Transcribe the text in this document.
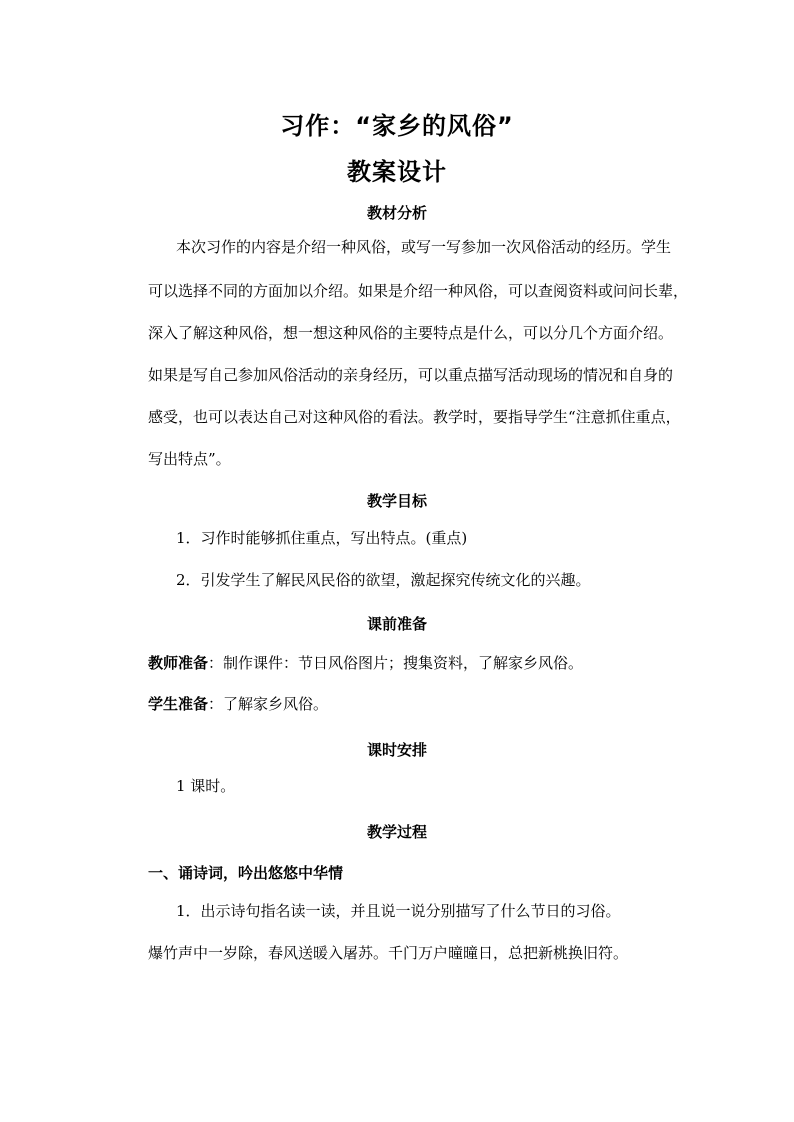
习作：“家乡的风俗”
教案设计
教材分析
本次习作的内容是介绍一种风俗，或写一写参加一次风俗活动的经历。学生
可以选择不同的方面加以介绍。如果是介绍一种风俗，可以查阅资料或问问长辈，
深入了解这种风俗，想一想这种风俗的主要特点是什么，可以分几个方面介绍。
如果是写自己参加风俗活动的亲身经历，可以重点描写活动现场的情况和自身的
感受，也可以表达自己对这种风俗的看法。教学时，要指导学生“注意抓住重点，
写出特点”。
教学目标
1．习作时能够抓住重点，写出特点。(重点)
2．引发学生了解民风民俗的欲望，激起探究传统文化的兴趣。
课前准备
教师准备：制作课件：节日风俗图片；搜集资料，了解家乡风俗。
学生准备：了解家乡风俗。
课时安排
1 课时。
教学过程
一、诵诗词，吟出悠悠中华情
1．出示诗句指名读一读，并且说一说分别描写了什么节日的习俗。
爆竹声中一岁除，春风送暖入屠苏。千门万户曈曈日，总把新桃换旧符。
